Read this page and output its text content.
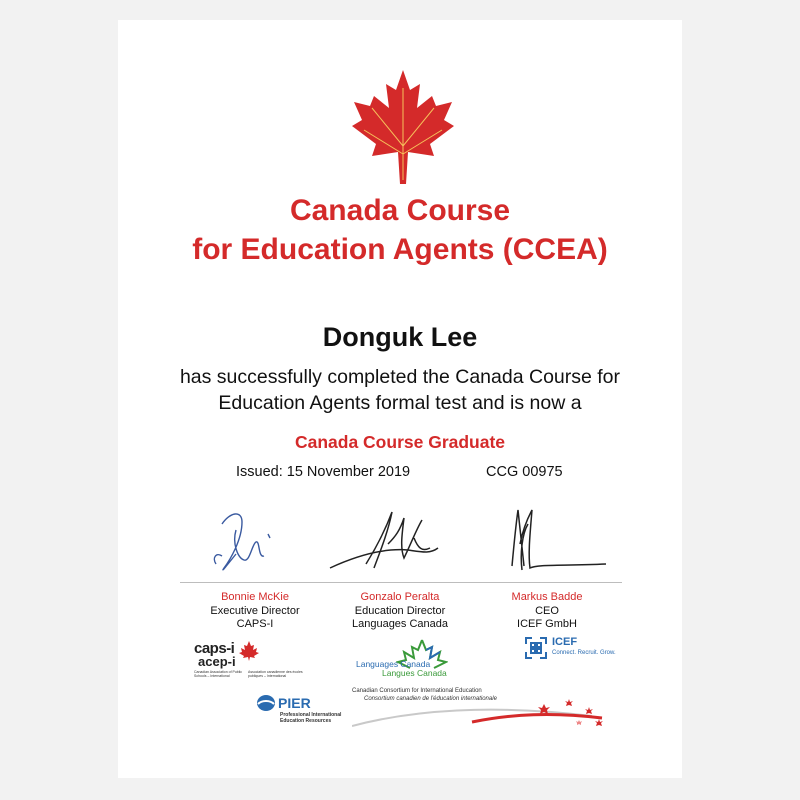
Canada Course
for Education Agents (CCEA)
Donguk Lee
has successfully completed the Canada Course for
Education Agents formal test and is now a
Canada Course Graduate
Issued: 15 November 2019	CCG 00975
Bonnie McKie
Executive Director
CAPS-I
Gonzalo Peralta
Education Director
Languages Canada
Markus Badde
CEO
ICEF GmbH
caps-i
acep-i
Canadian Association of Public Schools – International
Association canadienne des écoles publiques – International
Languages Canada
Langues Canada
ICEF
Connect. Recruit. Grow.
PIER
Professional International
Education Resources
Canadian Consortium for International Education
Consortium canadien de l'éducation internationale
